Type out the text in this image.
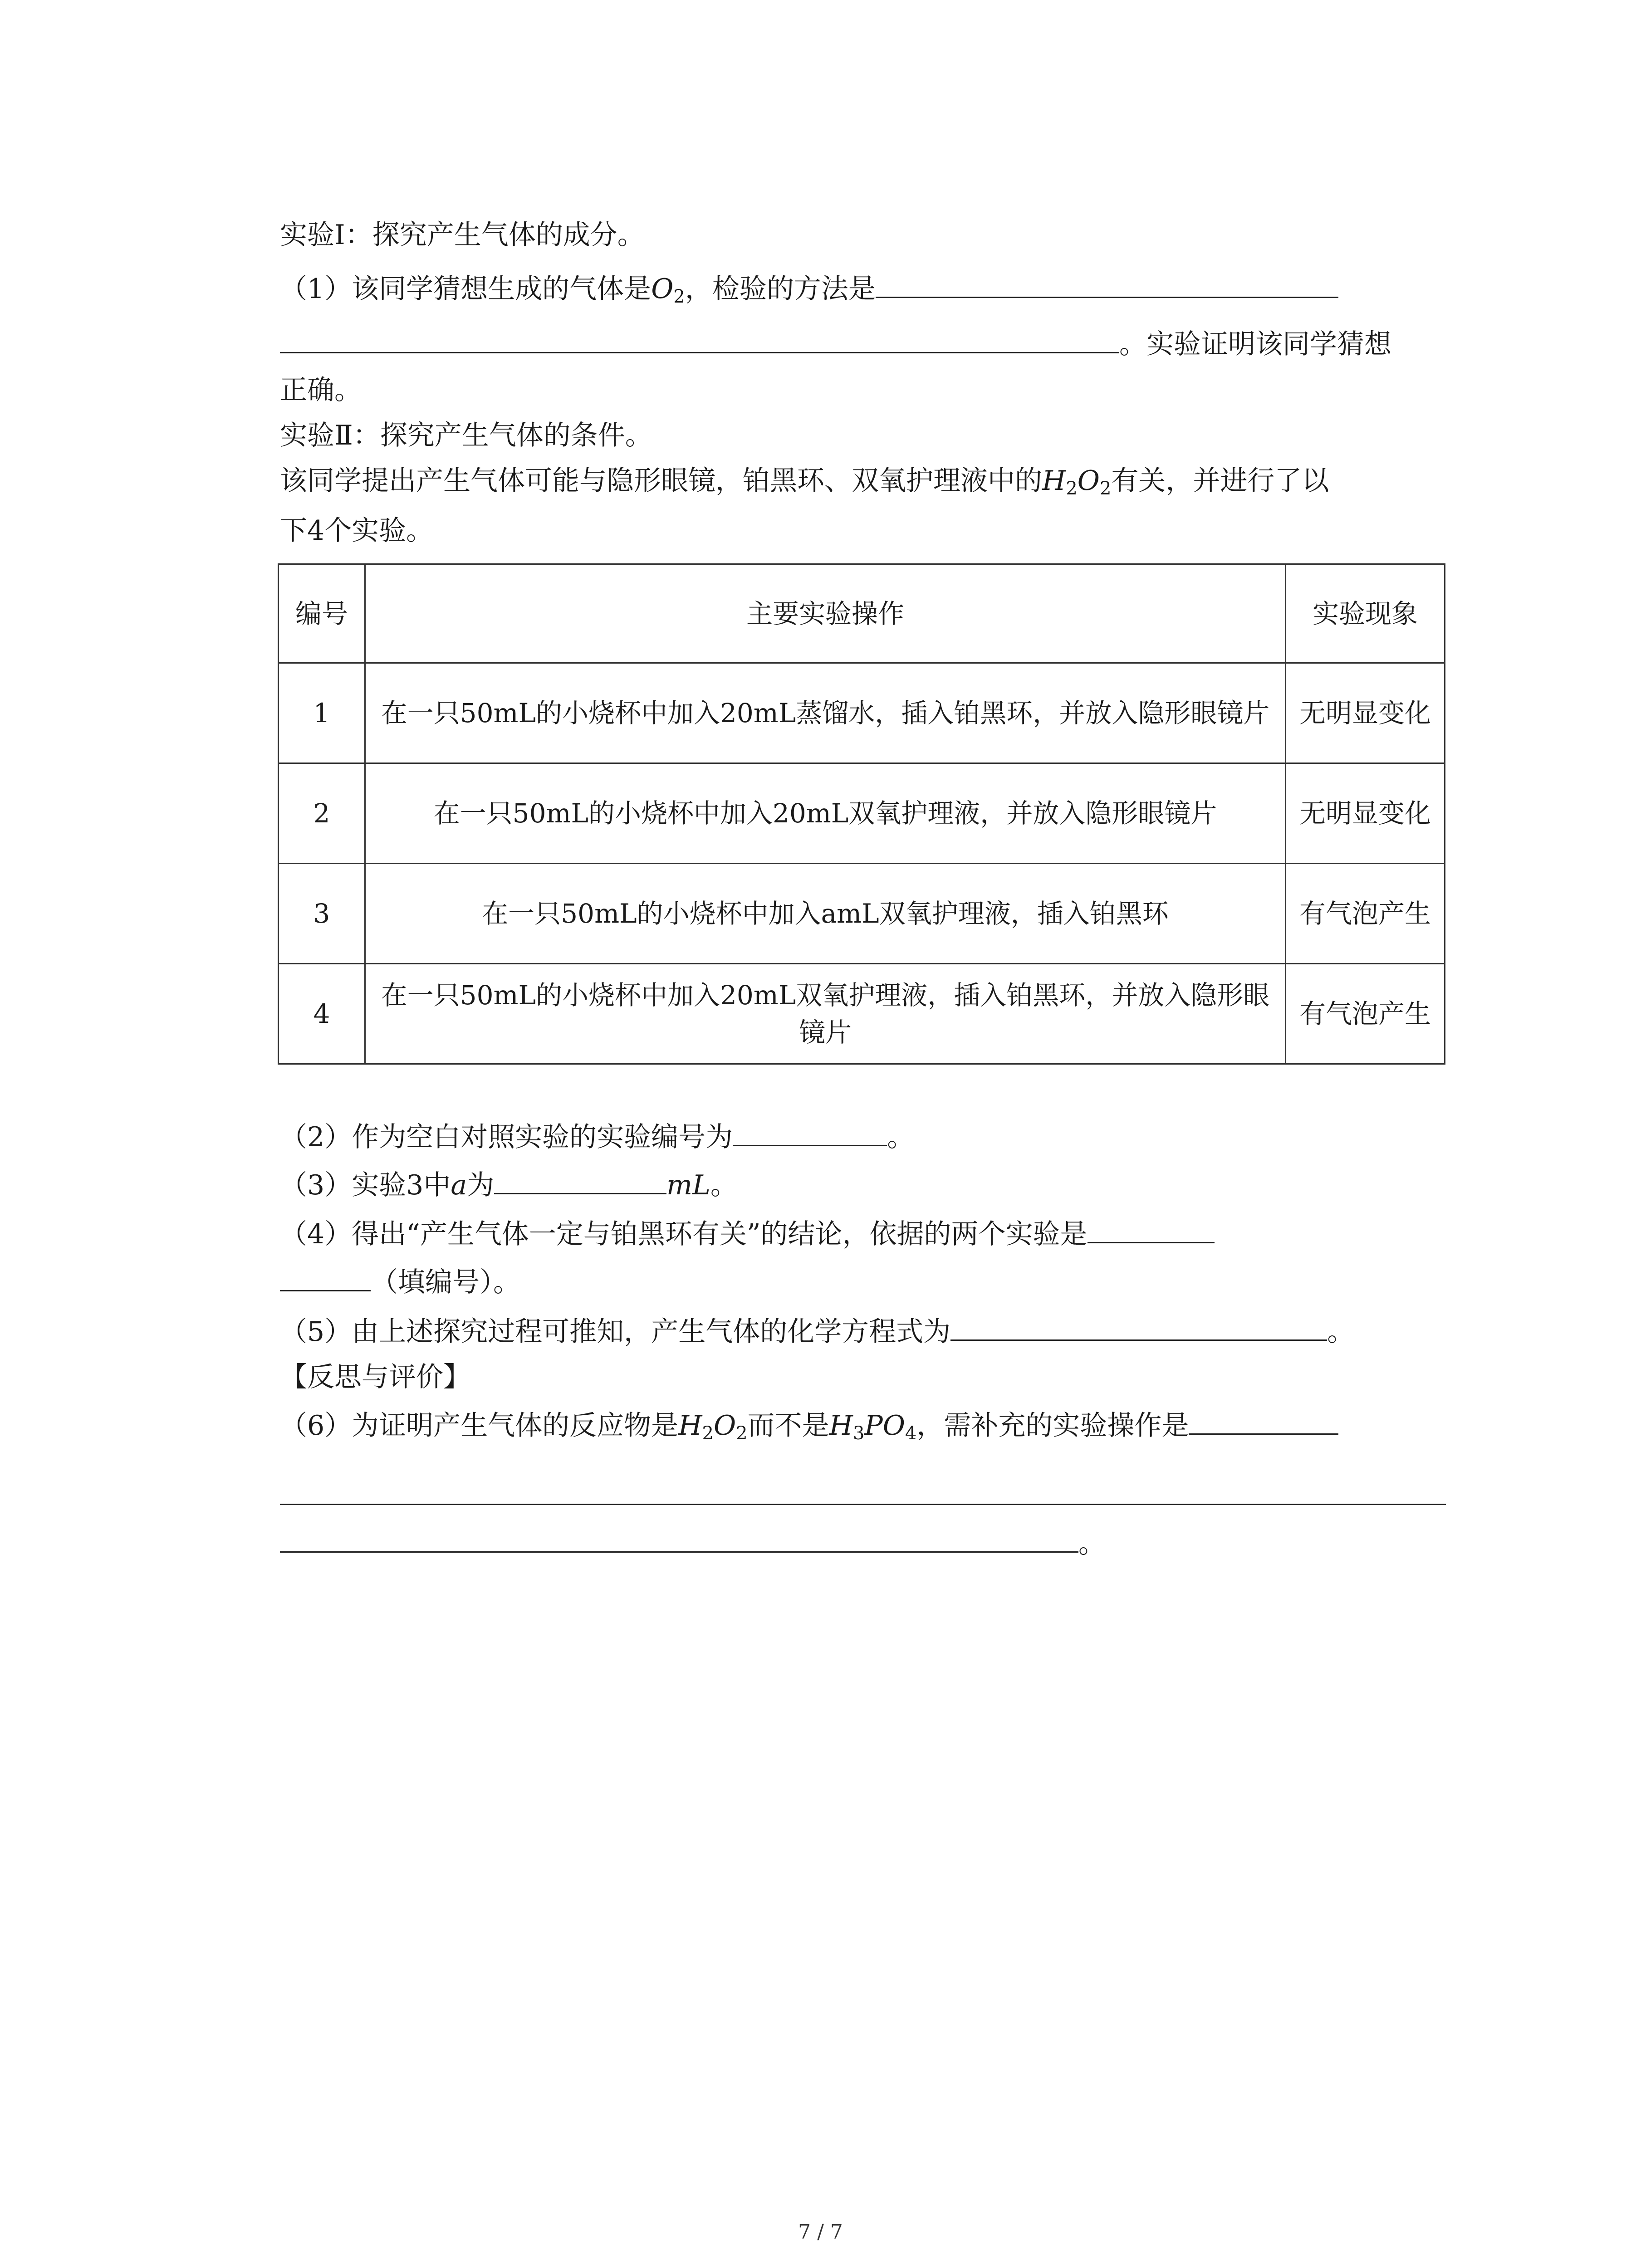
实验Ⅰ：探究产生气体的成分。
（1）该同学猜想生成的气体是$O_2$，检验的方法是
。实验证明该同学猜想
正确。
实验Ⅱ：探究产生气体的条件。
该同学提出产生气体可能与隐形眼镜，铂黑环、双氧护理液中的$H_2O_2$有关，并进行了以
下4个实验。
编号	主要实验操作	实验现象
1	在一只50mL的小烧杯中加入20mL蒸馏水，插入铂黑环，并放入隐形眼镜片	无明显变化
2	在一只50mL的小烧杯中加入20mL双氧护理液，并放入隐形眼镜片	无明显变化
3	在一只50mL的小烧杯中加入amL双氧护理液，插入铂黑环	有气泡产生
4	在一只50mL的小烧杯中加入20mL双氧护理液，插入铂黑环，并放入隐形眼镜片	有气泡产生
（2）作为空白对照实验的实验编号为	。
（3）实验3中a为	mL。
（4）得出“产生气体一定与铂黑环有关”的结论，依据的两个实验是
（填编号）。
（5）由上述探究过程可推知，产生气体的化学方程式为	。
【反思与评价】
（6）为证明产生气体的反应物是$H_2O_2$而不是$H_3PO_4$，需补充的实验操作是
。
7 / 7
